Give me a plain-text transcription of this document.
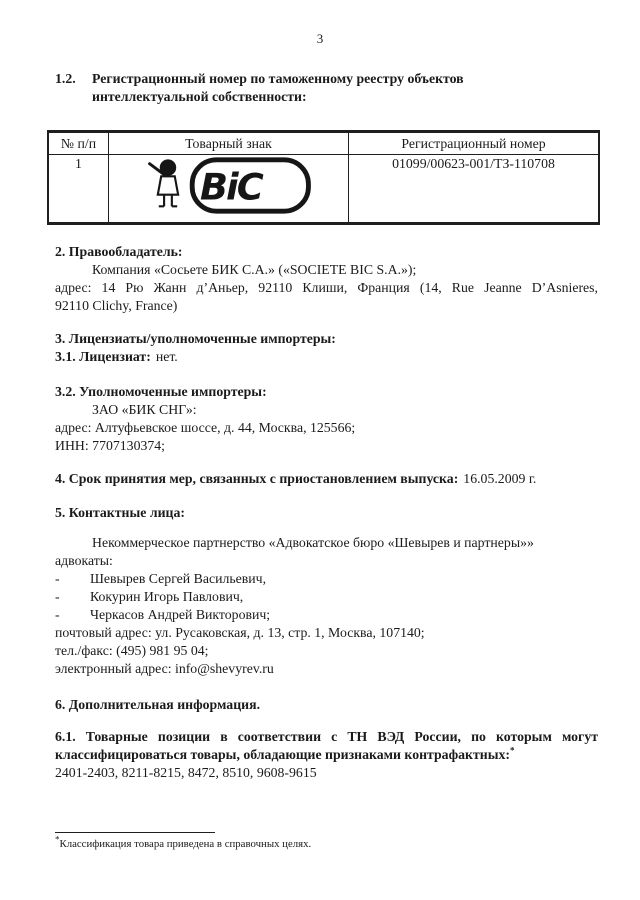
3
1.2.	Регистрационный номер по таможенному реестру объектов
интеллектуальной собственности:
№ п/п	Товарный знак	Регистрационный номер
1	BiC	01099/00623-001/ТЗ-110708
2. Правообладатель:
Компания «Сосьете БИК С.А.» («SOCIETE BIC S.A.»);
адрес: 14 Рю Жанн д’Аньер, 92110 Клиши, Франция (14, Rue Jeanne D’Asnieres,
92110 Clichy, France)
3. Лицензиаты/уполномоченные импортеры:
3.1. Лицензиат: нет.
3.2. Уполномоченные импортеры:
ЗАО «БИК СНГ»:
адрес: Алтуфьевское шоссе, д. 44, Москва, 125566;
ИНН: 7707130374;
4. Срок принятия мер, связанных с приостановлением выпуска: 16.05.2009 г.
5. Контактные лица:
Некоммерческое партнерство «Адвокатское бюро «Шевырев и партнеры»»
адвокаты:
-	Шевырев Сергей Васильевич,
-	Кокурин Игорь Павлович,
-	Черкасов Андрей Викторович;
почтовый адрес: ул. Русаковская, д. 13, стр. 1, Москва, 107140;
тел./факс: (495) 981 95 04;
электронный адрес: info@shevyrev.ru
6. Дополнительная информация.
6.1. Товарные позиции в соответствии с ТН ВЭД России, по которым могут
классифицироваться товары, обладающие признаками контрафактных:*
2401-2403, 8211-8215, 8472, 8510, 9608-9615
*Классификация товара приведена в справочных целях.
